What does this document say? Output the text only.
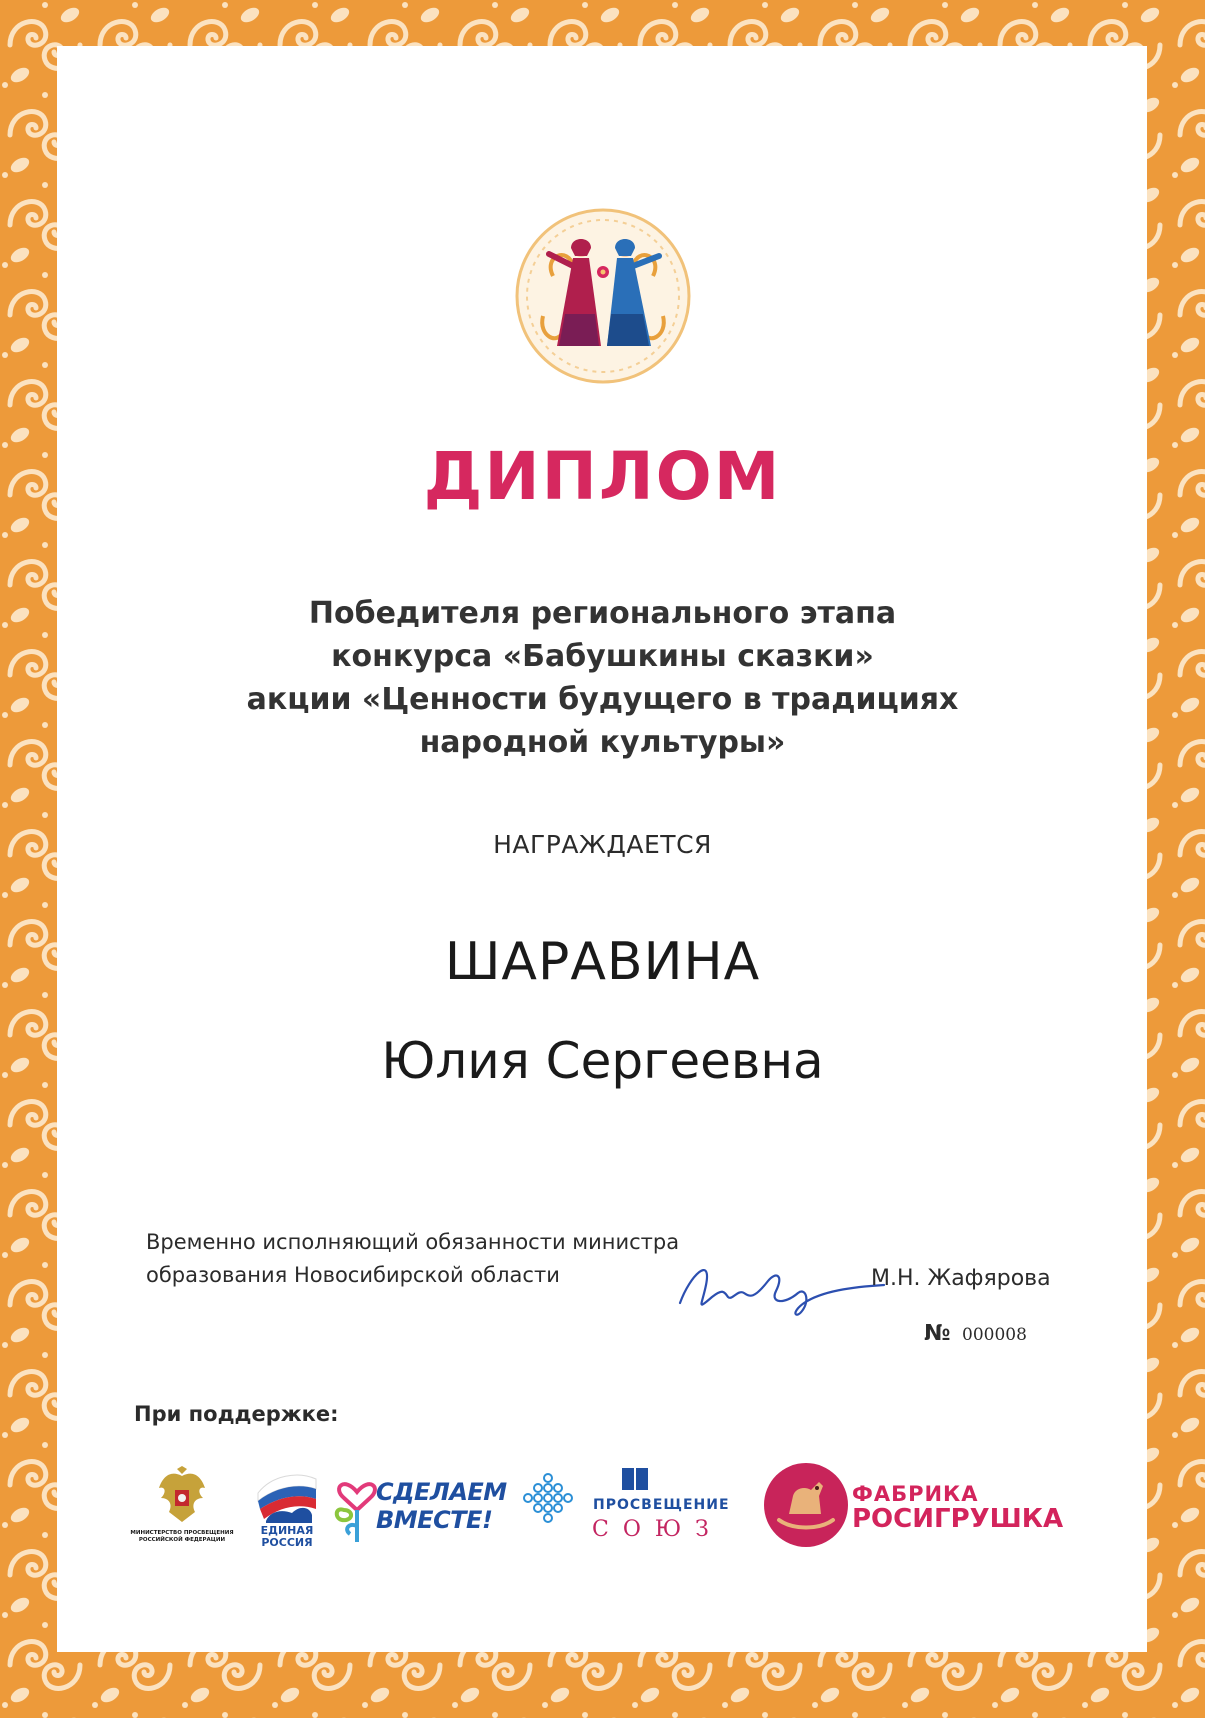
ДИПЛОМ
Победителя регионального этапа
конкурса «Бабушкины сказки»
акции «Ценности будущего в традициях
народной культуры»
НАГРАЖДАЕТСЯ
ШАРАВИНА
Юлия Сергеевна
Временно исполняющий обязанности министра
образования Новосибирской области	М.Н. Жафярова
№ 000008
При поддержке:
МИНИСТЕРСТВО ПРОСВЕЩЕНИЯ
РОССИЙСКОЙ ФЕДЕРАЦИИ
ЕДИНАЯ
РОССИЯ
СДЕЛАЕМ
ВМЕСТЕ!
ПРОСВЕЩЕНИЕ
СОЮЗ
ФАБРИКА
РОСИГРУШКА
